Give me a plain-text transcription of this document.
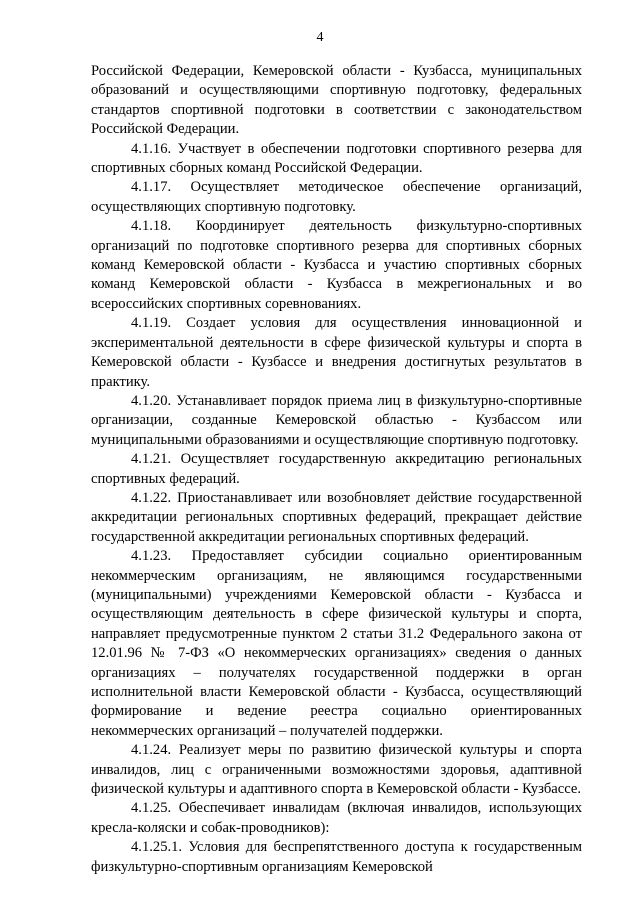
4

Российской Федерации, Кемеровской области - Кузбасса, муниципальных образований и осуществляющими спортивную подготовку, федеральных стандартов спортивной подготовки в соответствии с законодательством Российской Федерации.

4.1.16. Участвует в обеспечении подготовки спортивного резерва для спортивных сборных команд Российской Федерации.

4.1.17. Осуществляет методическое обеспечение организаций, осуществляющих спортивную подготовку.

4.1.18. Координирует деятельность физкультурно-спортивных организаций по подготовке спортивного резерва для спортивных сборных команд Кемеровской области - Кузбасса и участию спортивных сборных команд Кемеровской области - Кузбасса в межрегиональных и во всероссийских спортивных соревнованиях.

4.1.19. Создает условия для осуществления инновационной и экспериментальной деятельности в сфере физической культуры и спорта в Кемеровской области - Кузбассе и внедрения достигнутых результатов в практику.

4.1.20. Устанавливает порядок приема лиц в физкультурно-спортивные организации, созданные Кемеровской областью - Кузбассом или муниципальными образованиями и осуществляющие спортивную подготовку.

4.1.21. Осуществляет государственную аккредитацию региональных спортивных федераций.

4.1.22. Приостанавливает или возобновляет действие государственной аккредитации региональных спортивных федераций, прекращает действие государственной аккредитации региональных спортивных федераций.

4.1.23. Предоставляет субсидии социально ориентированным некоммерческим организациям, не являющимся государственными (муниципальными) учреждениями Кемеровской области - Кузбасса и осуществляющим деятельность в сфере физической культуры и спорта, направляет предусмотренные пунктом 2 статьи 31.2 Федерального закона от 12.01.96 № 7-ФЗ «О некоммерческих организациях» сведения о данных организациях – получателях государственной поддержки в орган исполнительной власти Кемеровской области - Кузбасса, осуществляющий формирование и ведение реестра социально ориентированных некоммерческих организаций – получателей поддержки.

4.1.24. Реализует меры по развитию физической культуры и спорта инвалидов, лиц с ограниченными возможностями здоровья, адаптивной физической культуры и адаптивного спорта в Кемеровской области - Кузбассе.

4.1.25. Обеспечивает инвалидам (включая инвалидов, использующих кресла-коляски и собак-проводников):

4.1.25.1. Условия для беспрепятственного доступа к государственным физкультурно-спортивным организациям Кемеровской
